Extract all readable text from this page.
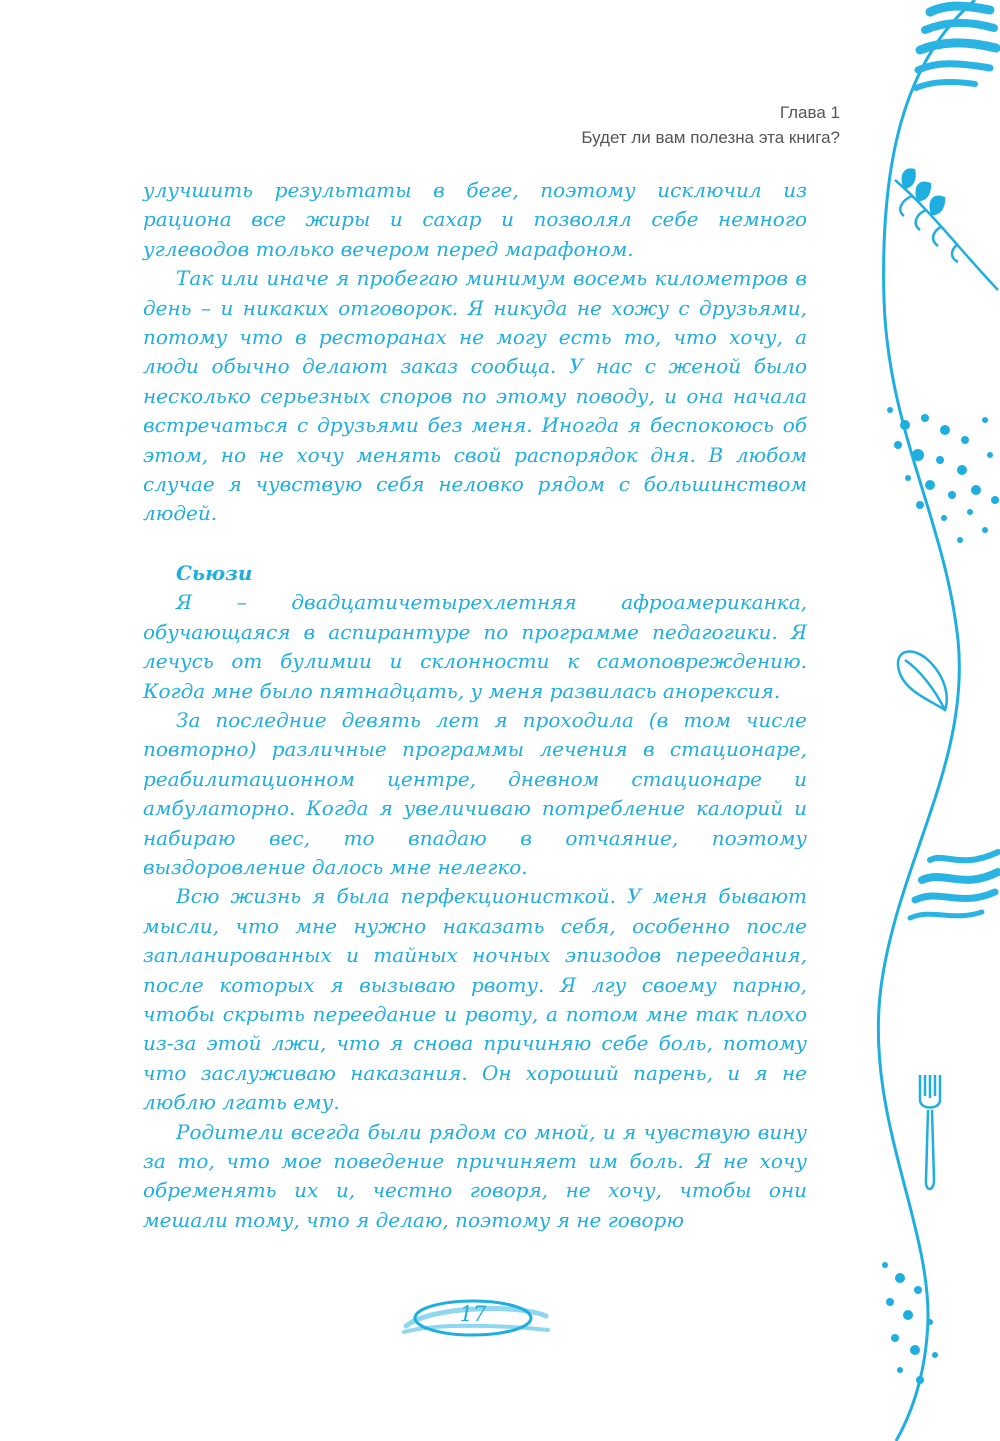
Глава 1
Будет ли вам полезна эта книга?

улучшить результаты в беге, поэтому исключил из рациона все жиры и сахар и позволял себе немного углеводов только вечером перед марафоном.

Так или иначе я пробегаю минимум восемь километров в день – и никаких отговорок. Я никуда не хожу с друзьями, потому что в ресторанах не могу есть то, что хочу, а люди обычно делают заказ сообща. У нас с женой было несколько серьезных споров по этому поводу, и она начала встречаться с друзьями без меня. Иногда я беспокоюсь об этом, но не хочу менять свой распорядок дня. В любом случае я чувствую себя неловко рядом с большинством людей.

Сьюзи

Я – двадцатичетырехлетняя афроамериканка, обучающаяся в аспирантуре по программе педагогики. Я лечусь от булимии и склонности к самоповреждению. Когда мне было пятнадцать, у меня развилась анорексия.

За последние девять лет я проходила (в том числе повторно) различные программы лечения в стационаре, реабилитационном центре, дневном стационаре и амбулаторно. Когда я увеличиваю потребление калорий и набираю вес, то впадаю в отчаяние, поэтому выздоровление далось мне нелегко.

Всю жизнь я была перфекционисткой. У меня бывают мысли, что мне нужно наказать себя, особенно после запланированных и тайных ночных эпизодов переедания, после которых я вызываю рвоту. Я лгу своему парню, чтобы скрыть переедание и рвоту, а потом мне так плохо из-за этой лжи, что я снова причиняю себе боль, потому что заслуживаю наказания. Он хороший парень, и я не люблю лгать ему.

Родители всегда были рядом со мной, и я чувствую вину за то, что мое поведение причиняет им боль. Я не хочу обременять их и, честно говоря, не хочу, чтобы они мешали тому, что я делаю, поэтому я не говорю

17
